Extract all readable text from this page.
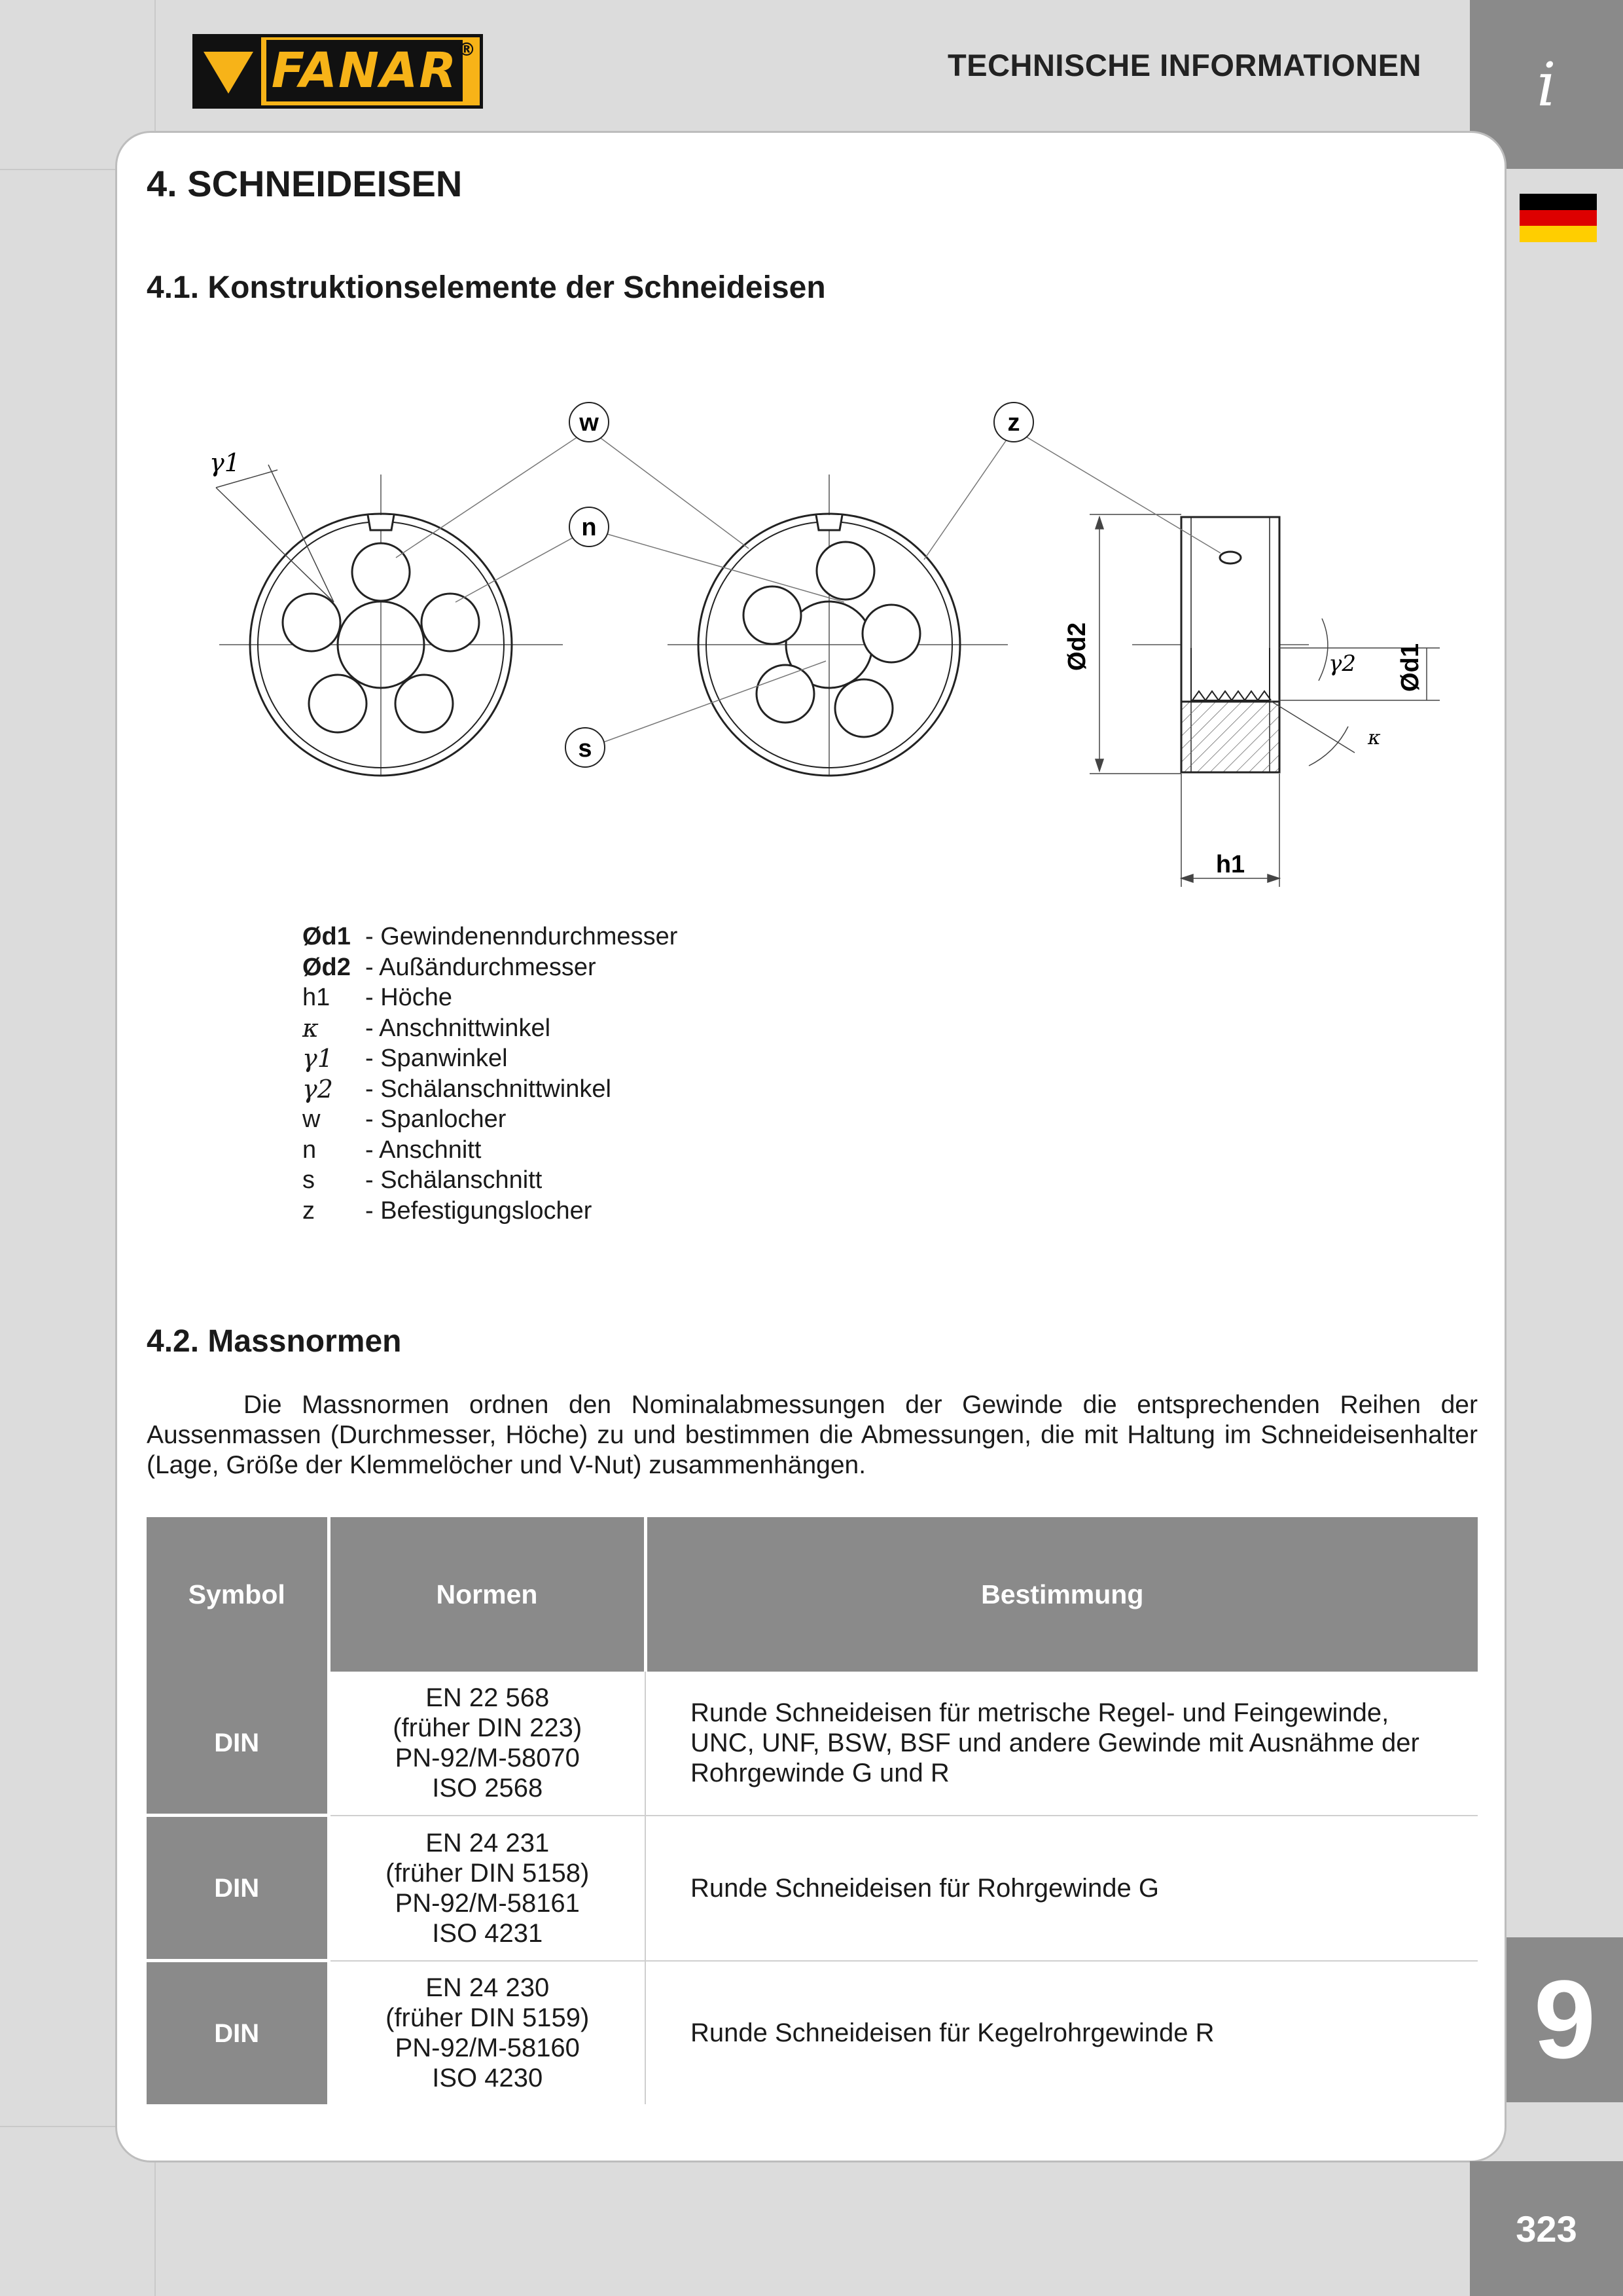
FANAR ®	TECHNISCHE INFORMATIONEN	i
4. SCHNEIDEISEN
4.1. Konstruktionselemente der Schneideisen
w
n
s
z
γ1
γ2
κ
Ød1
Ød2
h1
Ød1 - Gewindenenndurchmesser
Ød2 - Außändurchmesser
h1	- Höche
κ	- Anschnittwinkel
γ1	- Spanwinkel
γ2	- Schälanschnittwinkel
w	- Spanlocher
n	- Anschnitt
s	- Schälanschnitt
z	- Befestigungslocher
4.2. Massnormen

Die Massnormen ordnen den Nominalabmessungen der Gewinde die entsprechenden Reihen der Aussenmassen (Durchmesser, Höche) zu und bestimmen die Abmessungen, die mit Haltung im Schneideisenhalter (Lage, Größe der Klemmelöcher und V-Nut) zusammenhängen.

Symbol	Normen	Bestimmung
DIN	EN 22 568
(früher DIN 223)
PN-92/M-58070
ISO 2568	Runde Schneideisen für metrische Regel- und Feingewinde, UNC, UNF, BSW, BSF und andere Gewinde mit Ausnähme der Rohrgewinde G und R
DIN	EN 24 231
(früher DIN 5158)
PN-92/M-58161
ISO 4231	Runde Schneideisen für Rohrgewinde G
DIN	EN 24 230
(früher DIN 5159)
PN-92/M-58160
ISO 4230	Runde Schneideisen für Kegelrohrgewinde R	9
323
